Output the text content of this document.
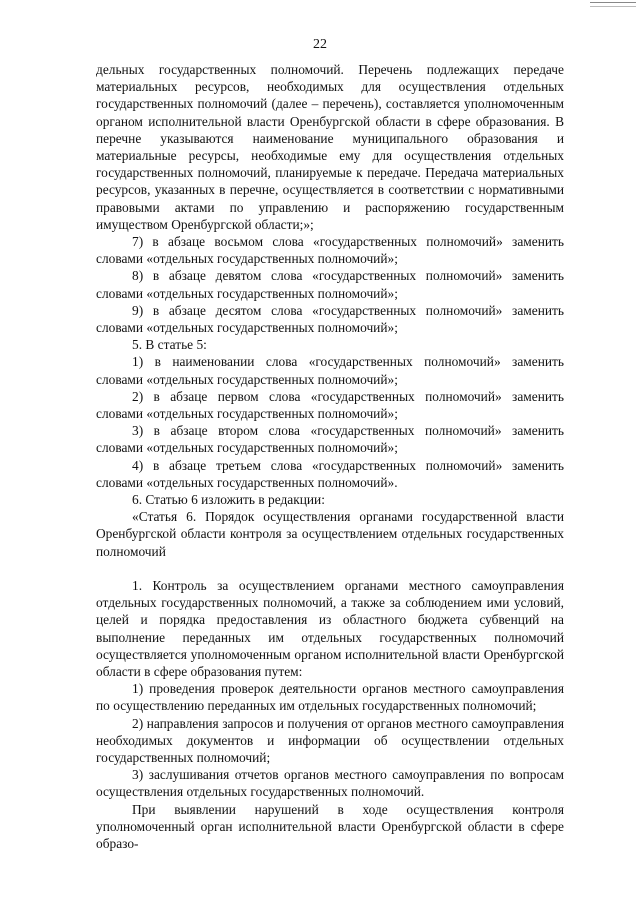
22

дельных государственных полномочий. Перечень подлежащих передаче материальных ресурсов, необходимых для осуществления отдельных государственных полномочий (далее – перечень), составляется уполномоченным органом исполнительной власти Оренбургской области в сфере образования. В перечне указываются наименование муниципального образования и материальные ресурсы, необходимые ему для осуществления отдельных государственных полномочий, планируемые к передаче. Передача материальных ресурсов, указанных в перечне, осуществляется в соответствии с нормативными правовыми актами по управлению и распоряжению государственным имуществом Оренбургской области;»;

7) в абзаце восьмом слова «государственных полномочий» заменить словами «отдельных государственных полномочий»;

8) в абзаце девятом слова «государственных полномочий» заменить словами «отдельных государственных полномочий»;

9) в абзаце десятом слова «государственных полномочий» заменить словами «отдельных государственных полномочий»;

5. В статье 5:

1) в наименовании слова «государственных полномочий» заменить словами «отдельных государственных полномочий»;

2) в абзаце первом слова «государственных полномочий» заменить словами «отдельных государственных полномочий»;

3) в абзаце втором слова «государственных полномочий» заменить словами «отдельных государственных полномочий»;

4) в абзаце третьем слова «государственных полномочий» заменить словами «отдельных государственных полномочий».

6. Статью 6 изложить в редакции:

«Статья 6. Порядок осуществления органами государственной власти Оренбургской области контроля за осуществлением отдельных государственных полномочий

1. Контроль за осуществлением органами местного самоуправления отдельных государственных полномочий, а также за соблюдением ими условий, целей и порядка предоставления из областного бюджета субвенций на выполнение переданных им отдельных государственных полномочий осуществляется уполномоченным органом исполнительной власти Оренбургской области в сфере образования путем:

1) проведения проверок деятельности органов местного самоуправления по осуществлению переданных им отдельных государственных полномочий;

2) направления запросов и получения от органов местного самоуправления необходимых документов и информации об осуществлении отдельных государственных полномочий;

3) заслушивания отчетов органов местного самоуправления по вопросам осуществления отдельных государственных полномочий.

При выявлении нарушений в ходе осуществления контроля уполномоченный орган исполнительной власти Оренбургской области в сфере образо-
